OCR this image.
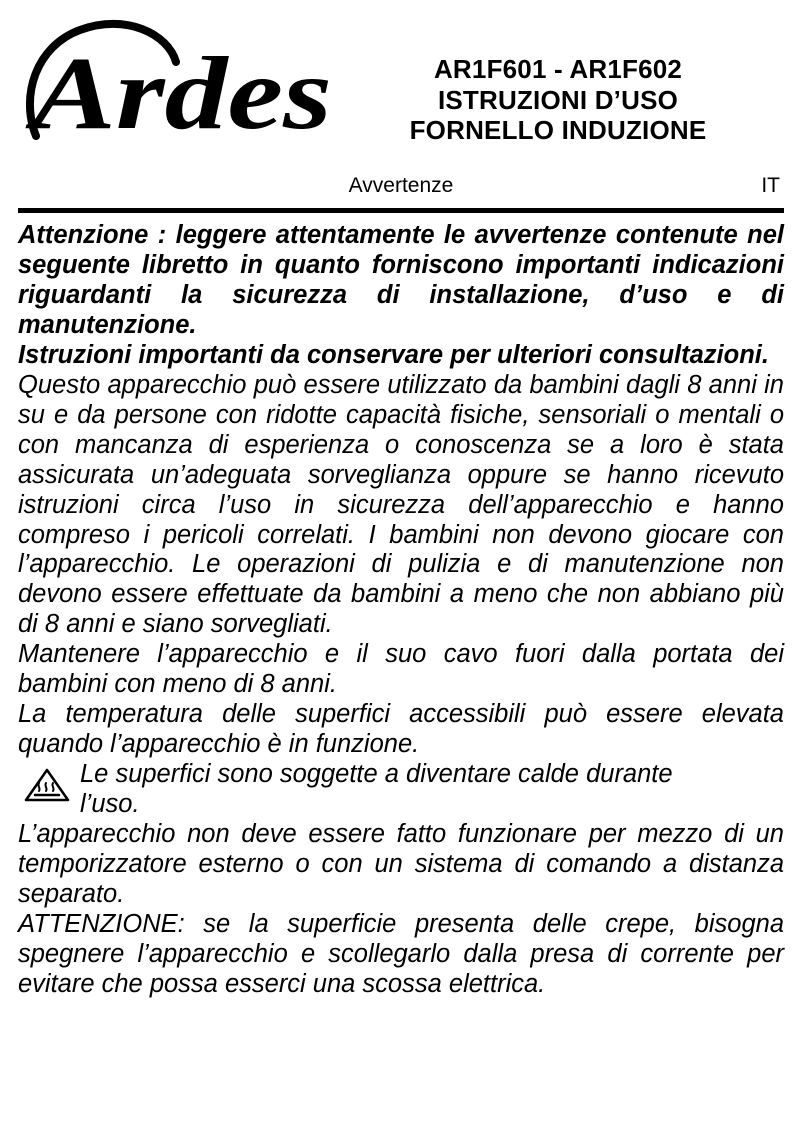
Ardes	AR1F601 - AR1F602
ISTRUZIONI D’USO
FORNELLO INDUZIONE
Avvertenze	IT

Attenzione : leggere attentamente le avvertenze contenute nel seguente libretto in quanto forniscono importanti indicazioni riguardanti la sicurezza di installazione, d’uso e di manutenzione.

Istruzioni importanti da conservare per ulteriori consultazioni.

Questo apparecchio può essere utilizzato da bambini dagli 8 anni in su e da persone con ridotte capacità fisiche, sensoriali o mentali o con mancanza di esperienza o conoscenza se a loro è stata assicurata un’adeguata sorveglianza oppure se hanno ricevuto istruzioni circa l’uso in sicurezza dell’apparecchio e hanno compreso i pericoli correlati. I bambini non devono giocare con l’apparecchio. Le operazioni di pulizia e di manutenzione non devono essere effettuate da bambini a meno che non abbiano più di 8 anni e siano sorvegliati.

Mantenere l’apparecchio e il suo cavo fuori dalla portata dei bambini con meno di 8 anni.

La temperatura delle superfici accessibili può essere elevata quando l’apparecchio è in funzione.

Le superfici sono soggette a diventare calde durante
l’uso.

L’apparecchio non deve essere fatto funzionare per mezzo di un temporizzatore esterno o con un sistema di comando a distanza separato.

ATTENZIONE: se la superficie presenta delle crepe, bisogna spegnere l’apparecchio e scollegarlo dalla presa di corrente per evitare che possa esserci una scossa elettrica.
